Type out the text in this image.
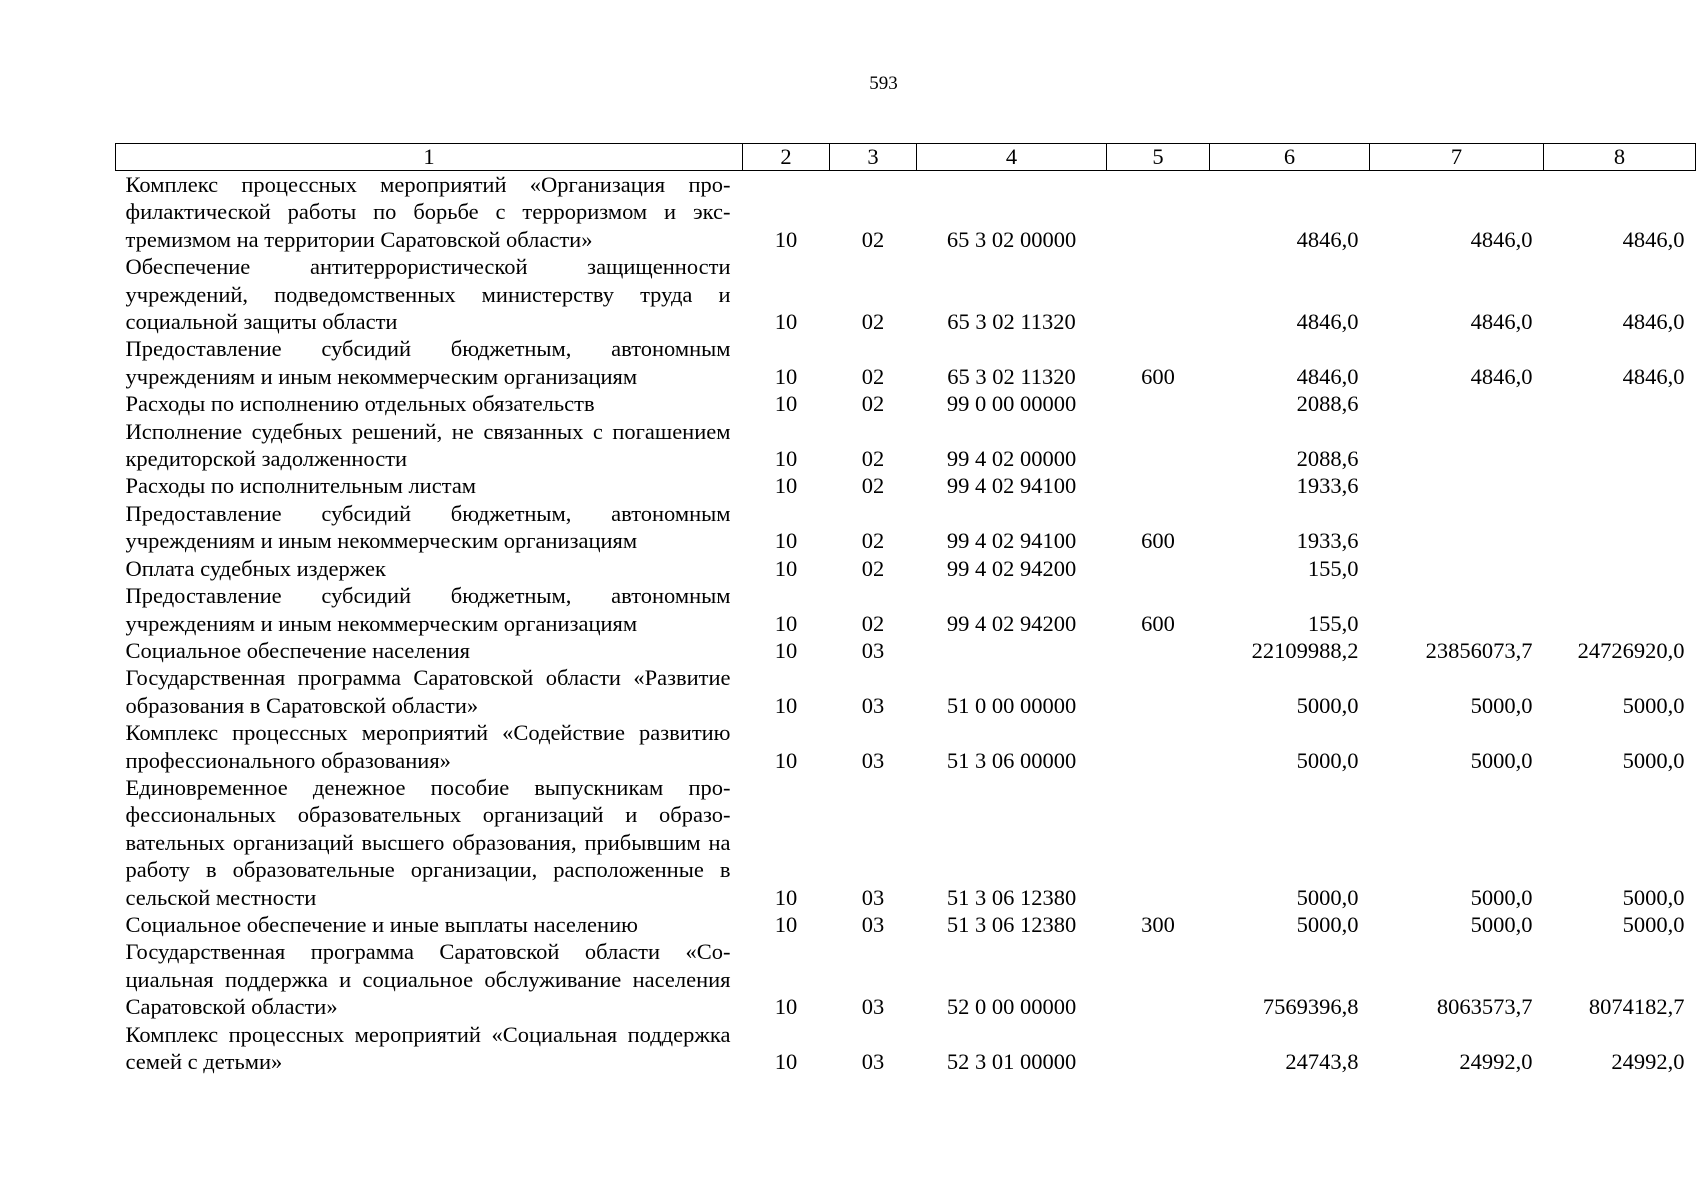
593
1	2	3	4	5	6	7	8
Комплекс процессных мероприятий «Организация профилактической работы по борьбе с терроризмом и экстремизмом на территории Саратовской области»	10	02	65 3 02 00000		4846,0	4846,0	4846,0
Обеспечение антитеррористической защищенности учреждений, подведомственных министерству труда и социальной защиты области	10	02	65 3 02 11320		4846,0	4846,0	4846,0
Предоставление субсидий бюджетным, автономным учреждениям и иным некоммерческим организациям	10	02	65 3 02 11320	600	4846,0	4846,0	4846,0
Расходы по исполнению отдельных обязательств	10	02	99 0 00 00000		2088,6		
Исполнение судебных решений, не связанных с погашением кредиторской задолженности	10	02	99 4 02 00000		2088,6		
Расходы по исполнительным листам	10	02	99 4 02 94100		1933,6		
Предоставление субсидий бюджетным, автономным учреждениям и иным некоммерческим организациям	10	02	99 4 02 94100	600	1933,6		
Оплата судебных издержек	10	02	99 4 02 94200		155,0		
Предоставление субсидий бюджетным, автономным учреждениям и иным некоммерческим организациям	10	02	99 4 02 94200	600	155,0		
Социальное обеспечение населения	10	03			22109988,2	23856073,7	24726920,0
Государственная программа Саратовской области «Развитие образования в Саратовской области»	10	03	51 0 00 00000		5000,0	5000,0	5000,0
Комплекс процессных мероприятий «Содействие развитию профессионального образования»	10	03	51 3 06 00000		5000,0	5000,0	5000,0
Единовременное денежное пособие выпускникам профессиональных образовательных организаций и образовательных организаций высшего образования, прибывшим на работу в образовательные организации, расположенные в сельской местности	10	03	51 3 06 12380		5000,0	5000,0	5000,0
Социальное обеспечение и иные выплаты населению	10	03	51 3 06 12380	300	5000,0	5000,0	5000,0
Государственная программа Саратовской области «Социальная поддержка и социальное обслуживание населения Саратовской области»	10	03	52 0 00 00000		7569396,8	8063573,7	8074182,7
Комплекс процессных мероприятий «Социальная поддержка семей с детьми»	10	03	52 3 01 00000		24743,8	24992,0	24992,0
